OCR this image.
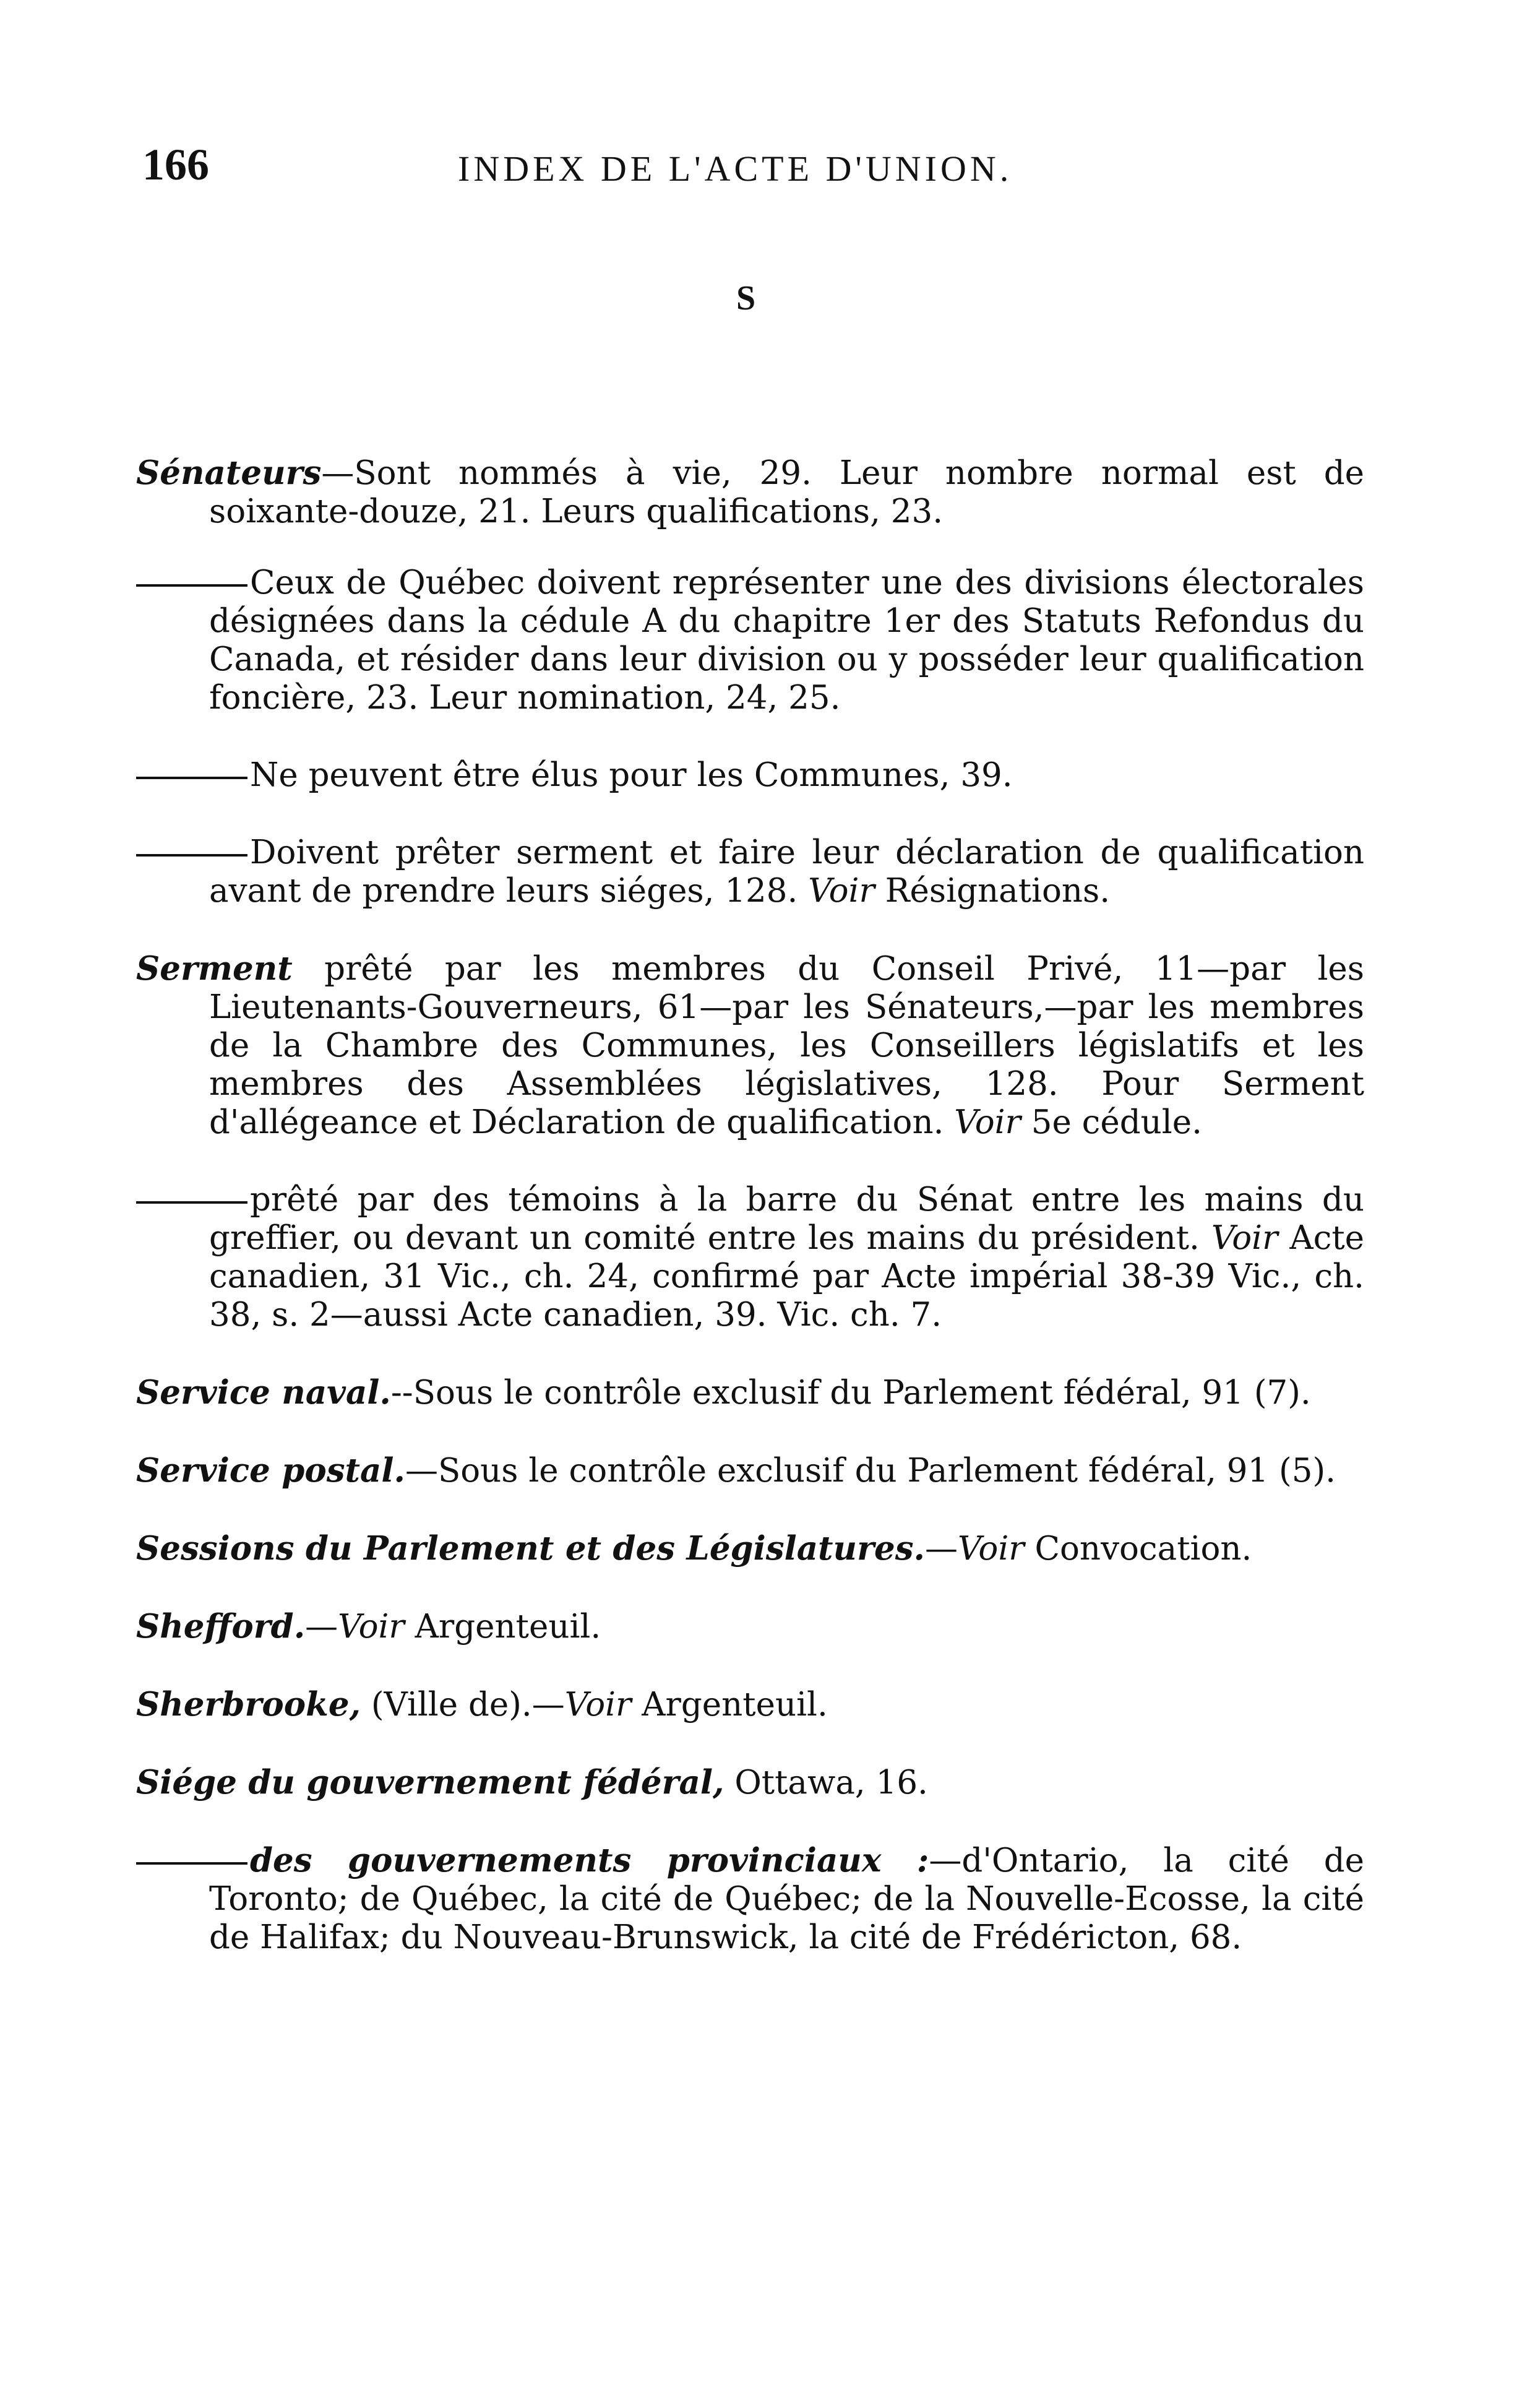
166	INDEX DE L'ACTE D'UNION.
S

Sénateurs—Sont nommés à vie, 29. Leur nombre normal est de soixante-douze, 21. Leurs qualifications, 23.

Ceux de Québec doivent représenter une des divisions électorales désignées dans la cédule A du chapitre 1er des Statuts Refondus du Canada, et résider dans leur division ou y posséder leur qualification foncière, 23. Leur nomination, 24, 25.

Ne peuvent être élus pour les Communes, 39.

Doivent prêter serment et faire leur déclaration de qualification avant de prendre leurs siéges, 128. Voir Résignations.

Serment prêté par les membres du Conseil Privé, 11—par les Lieutenants-Gouverneurs, 61—par les Sénateurs,—par les membres de la Chambre des Communes, les Conseillers législatifs et les membres des Assemblées législatives, 128. Pour Serment d'allégeance et Déclaration de qualification. Voir 5e cédule.

prêté par des témoins à la barre du Sénat entre les mains du greffier, ou devant un comité entre les mains du président. Voir Acte canadien, 31 Vic., ch. 24, confirmé par Acte impérial 38-39 Vic., ch. 38, s. 2—aussi Acte canadien, 39. Vic. ch. 7.

Service naval.--Sous le contrôle exclusif du Parlement fédéral, 91 (7).

Service postal.—Sous le contrôle exclusif du Parlement fédéral, 91 (5).

Sessions du Parlement et des Législatures.—Voir Convocation.

Shefford.—Voir Argenteuil.

Sherbrooke, (Ville de).—Voir Argenteuil.

Siége du gouvernement fédéral, Ottawa, 16.

des gouvernements provinciaux :—d'Ontario, la cité de Toronto; de Québec, la cité de Québec; de la Nouvelle-Ecosse, la cité de Halifax; du Nouveau-Brunswick, la cité de Frédéricton, 68.
